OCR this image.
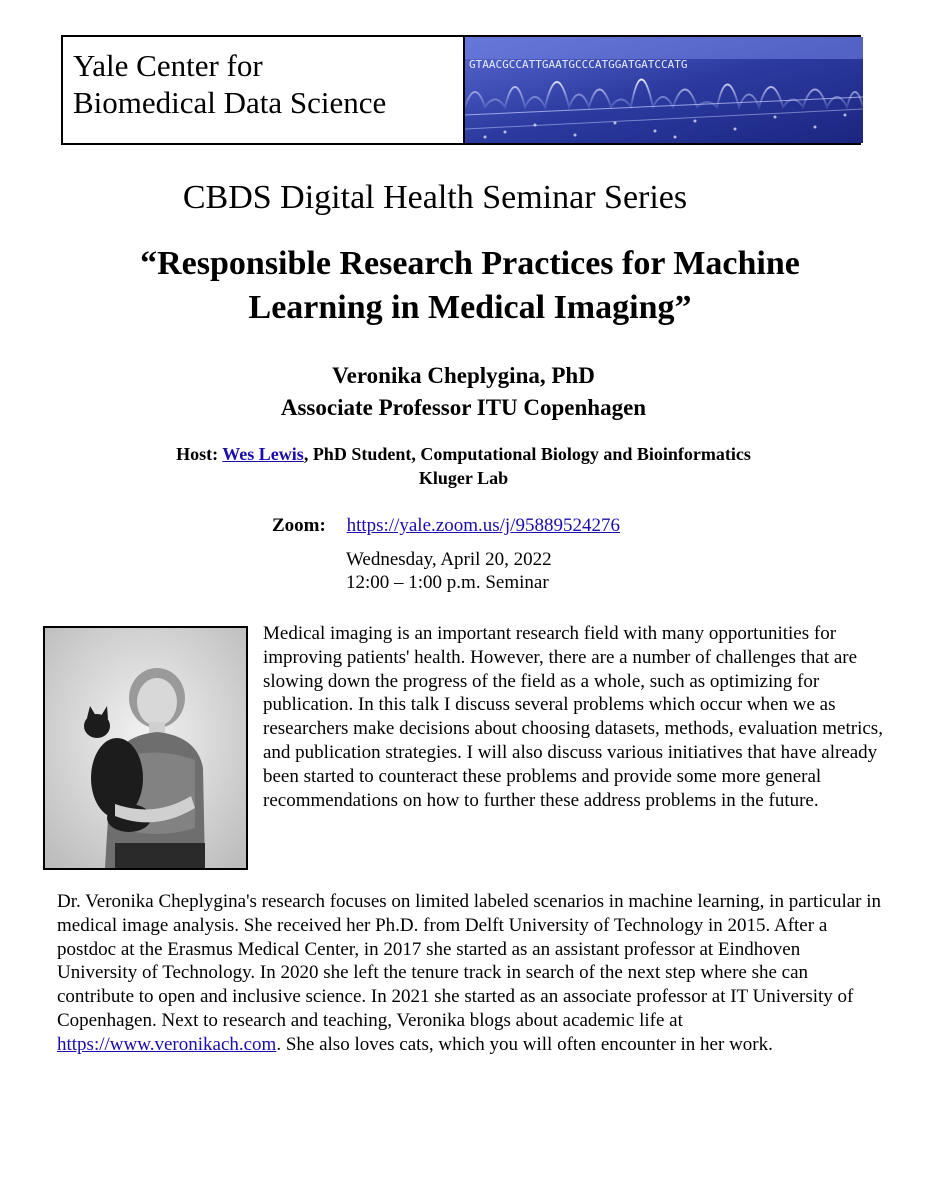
Yale Center for
Biomedical Data Science
GTAACGCCATTGAATGCCCATGGATGATCCATG
CBDS Digital Health Seminar Series
“Responsible Research Practices for Machine
Learning in Medical Imaging”
Veronika Cheplygina, PhD
Associate Professor ITU Copenhagen
Host: Wes Lewis, PhD Student, Computational Biology and Bioinformatics
Kluger Lab
Zoom: https://yale.zoom.us/j/95889524276
Wednesday, April 20, 2022
12:00 – 1:00 p.m. Seminar

Medical imaging is an important research field with many opportunities for improving patients' health. However, there are a number of challenges that are slowing down the progress of the field as a whole, such as optimizing for publication. In this talk I discuss several problems which occur when we as researchers make decisions about choosing datasets, methods, evaluation metrics, and publication strategies. I will also discuss various initiatives that have already been started to counteract these problems and provide some more general recommendations on how to further these address problems in the future.

Dr. Veronika Cheplygina's research focuses on limited labeled scenarios in machine learning, in particular in medical image analysis. She received her Ph.D. from Delft University of Technology in 2015. After a postdoc at the Erasmus Medical Center, in 2017 she started as an assistant professor at Eindhoven University of Technology. In 2020 she left the tenure track in search of the next step where she can contribute to open and inclusive science. In 2021 she started as an associate professor at IT University of Copenhagen. Next to research and teaching, Veronika blogs about academic life at https://www.veronikach.com. She also loves cats, which you will often encounter in her work.
